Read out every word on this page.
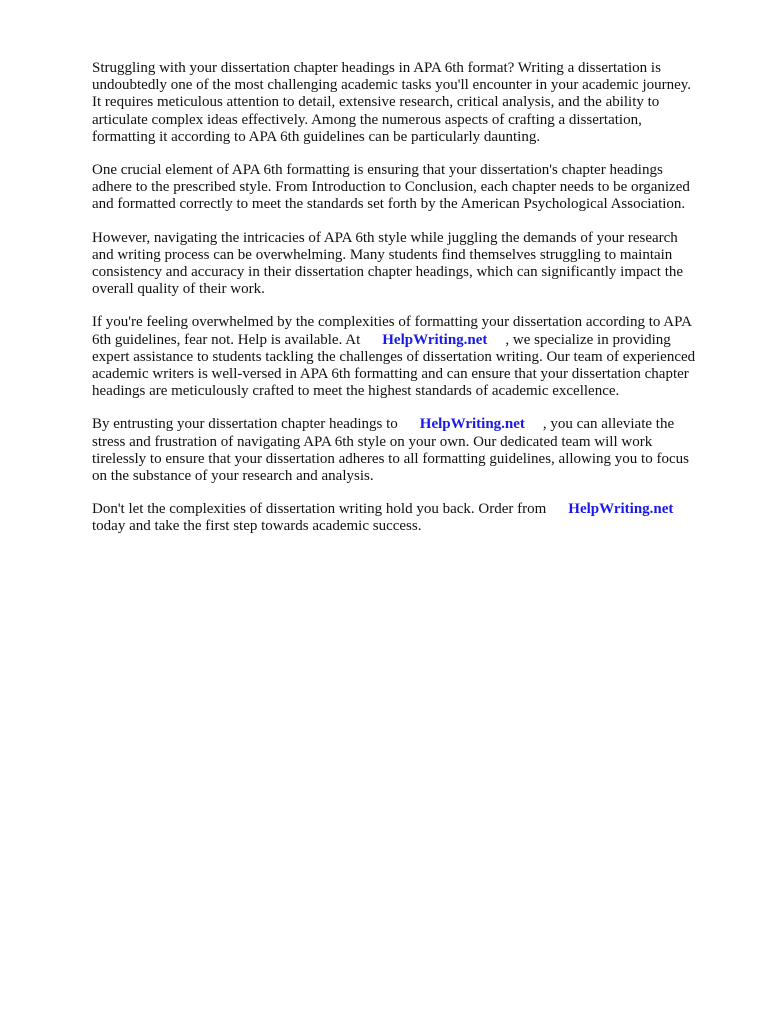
Struggling with your dissertation chapter headings in APA 6th format? Writing a dissertation is
undoubtedly one of the most challenging academic tasks you'll encounter in your academic journey.
It requires meticulous attention to detail, extensive research, critical analysis, and the ability to
articulate complex ideas effectively. Among the numerous aspects of crafting a dissertation,
formatting it according to APA 6th guidelines can be particularly daunting.

One crucial element of APA 6th formatting is ensuring that your dissertation's chapter headings
adhere to the prescribed style. From Introduction to Conclusion, each chapter needs to be organized
and formatted correctly to meet the standards set forth by the American Psychological Association.

However, navigating the intricacies of APA 6th style while juggling the demands of your research
and writing process can be overwhelming. Many students find themselves struggling to maintain
consistency and accuracy in their dissertation chapter headings, which can significantly impact the
overall quality of their work.

If you're feeling overwhelmed by the complexities of formatting your dissertation according to APA
6th guidelines, fear not. Help is available. At HelpWriting.net , we specialize in providing
expert assistance to students tackling the challenges of dissertation writing. Our team of experienced
academic writers is well-versed in APA 6th formatting and can ensure that your dissertation chapter
headings are meticulously crafted to meet the highest standards of academic excellence.

By entrusting your dissertation chapter headings to HelpWriting.net , you can alleviate the
stress and frustration of navigating APA 6th style on your own. Our dedicated team will work
tirelessly to ensure that your dissertation adheres to all formatting guidelines, allowing you to focus
on the substance of your research and analysis.

Don't let the complexities of dissertation writing hold you back. Order from HelpWriting.net
today and take the first step towards academic success.
